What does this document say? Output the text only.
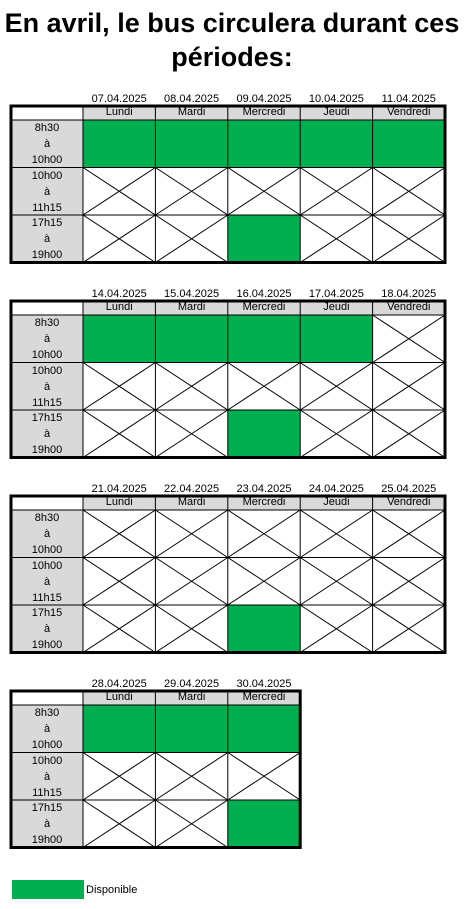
En avril, le bus circulera durant ces périodes:
07.04.2025	08.04.2025	09.04.2025	10.04.2025	11.04.2025
Lundi	Mardi	Mercredi	Jeudi	Vendredi
8h30
à
10h00
10h00
à
11h15
17h15
à
19h00
14.04.2025	15.04.2025	16.04.2025	17.04.2025	18.04.2025
Lundi	Mardi	Mercredi	Jeudi	Vendredi
8h30
à
10h00
10h00
à
11h15
17h15
à
19h00
21.04.2025	22.04.2025	23.04.2025	24.04.2025	25.04.2025
Lundi	Mardi	Mercredi	Jeudi	Vendredi
8h30
à
10h00
10h00
à
11h15
17h15
à
19h00
28.04.2025	29.04.2025	30.04.2025
Lundi	Mardi	Mercredi
8h30
à
10h00
10h00
à
11h15
17h15
à
19h00
Disponible
